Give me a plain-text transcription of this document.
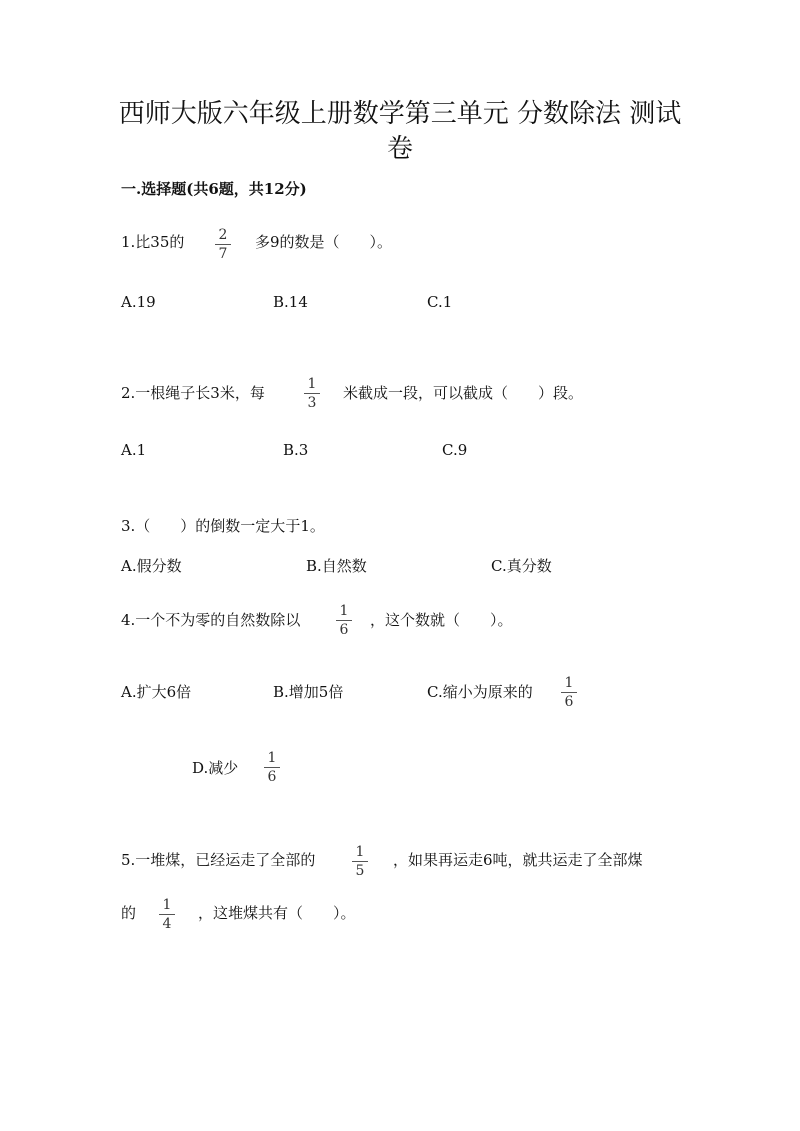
西师大版六年级上册数学第三单元 分数除法 测试
卷
一.选择题(共6题，共12分)
1.比35的	2
7
多9的数是（　　）。
A.19	B.14	C.1
2.一根绳子长3米，每	1
3
米截成一段，可以截成（　　）段。
A.1	B.3	C.9
3.（　　）的倒数一定大于1。
A.假分数	B.自然数	C.真分数
4.一个不为零的自然数除以	1
6
，这个数就（　　）。
A.扩大6倍	B.增加5倍	C.缩小为原来的	1
6
D.减少
1
6
5.一堆煤，已经运走了全部的	1
5
，如果再运走6吨，就共运走了全部煤
的	1
4
，这堆煤共有（　　）。
